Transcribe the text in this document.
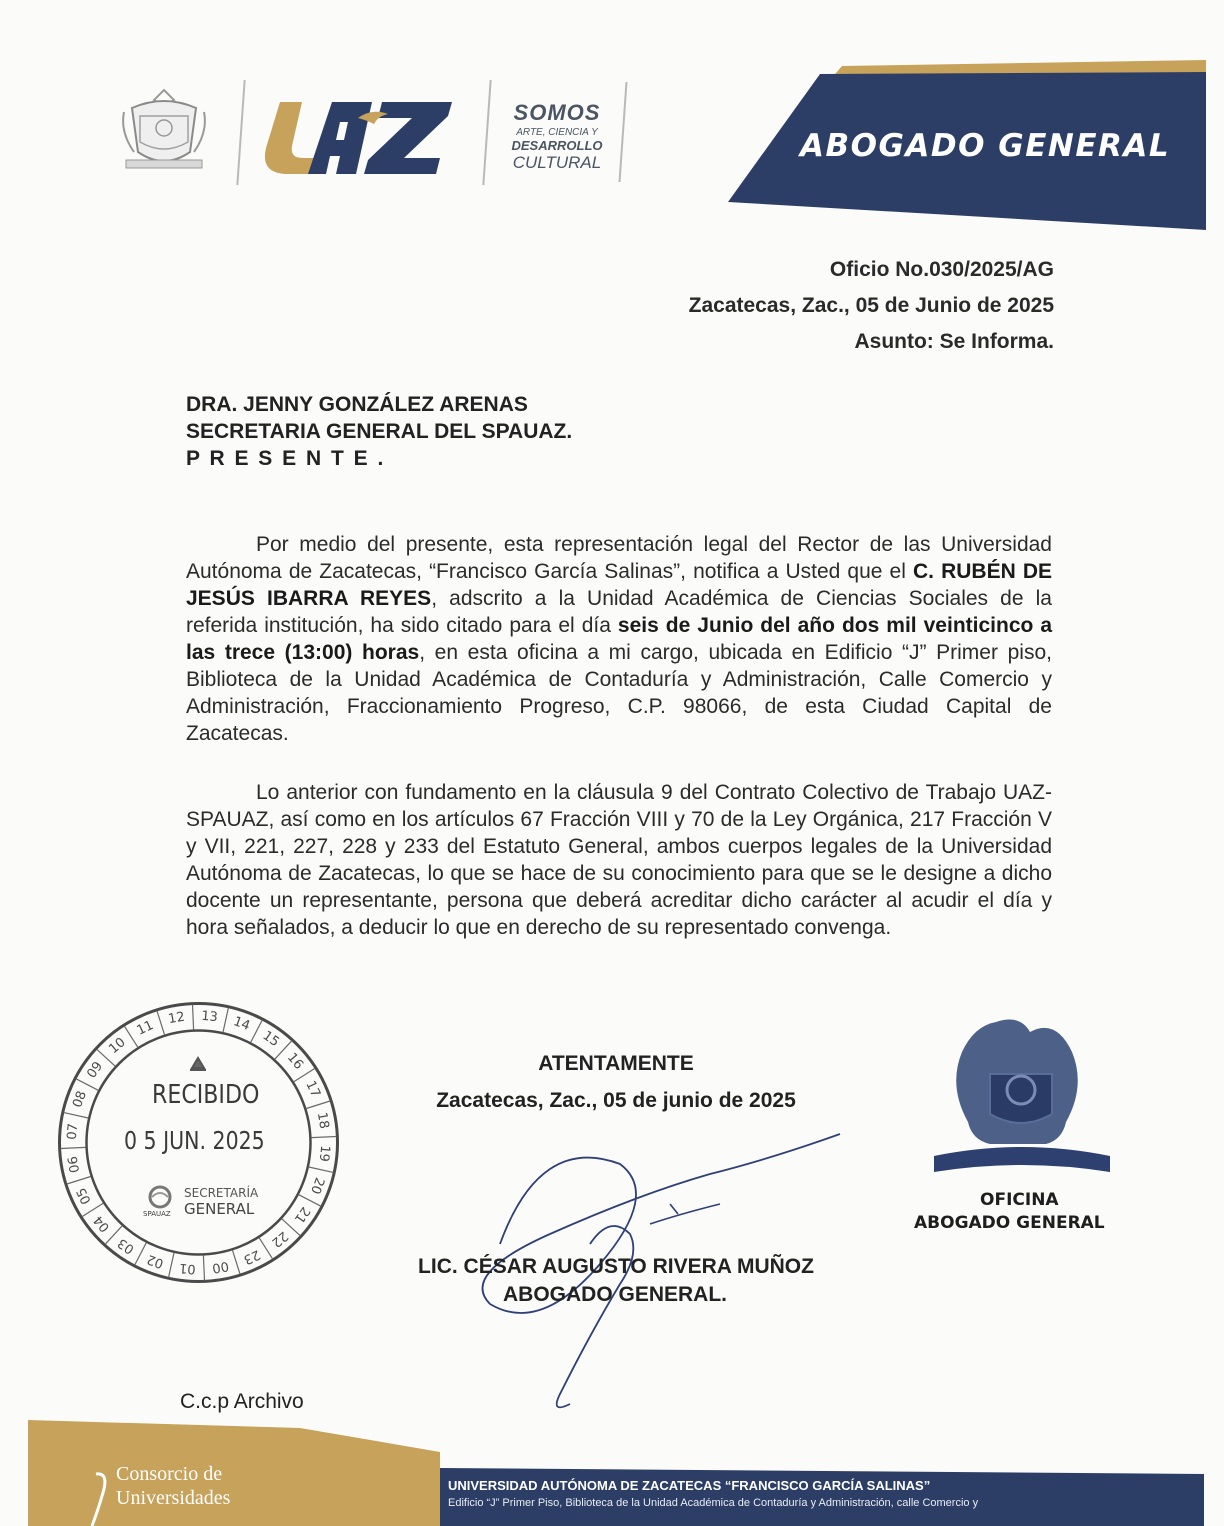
UAZ
SOMOS
ARTE, CIENCIA Y
DESARROLLO
CULTURAL	ABOGADO GENERAL
Oficio No.030/2025/AG
Zacatecas, Zac., 05 de Junio de 2025
Asunto: Se Informa.
DRA. JENNY GONZÁLEZ ARENAS
SECRETARIA GENERAL DEL SPAUAZ.
P R E S E N T E .
Por medio del presente, esta representación legal del Rector de las Universidad Autónoma de Zacatecas, “Francisco García Salinas”, notifica a Usted que el C. RUBÉN DE JESÚS IBARRA REYES, adscrito a la Unidad Académica de Ciencias Sociales de la referida institución, ha sido citado para el día seis de Junio del año dos mil veinticinco a las trece (13:00) horas, en esta oficina a mi cargo, ubicada en Edificio “J” Primer piso, Biblioteca de la Unidad Académica de Contaduría y Administración, Calle Comercio y Administración, Fraccionamiento Progreso, C.P. 98066, de esta Ciudad Capital de Zacatecas.
Lo anterior con fundamento en la cláusula 9 del Contrato Colectivo de Trabajo UAZ-SPAUAZ, así como en los artículos 67 Fracción VIII y 70 de la Ley Orgánica, 217 Fracción V y VII, 221, 227, 228 y 233 del Estatuto General, ambos cuerpos legales de la Universidad Autónoma de Zacatecas, lo que se hace de su conocimiento para que se le designe a dicho docente un representante, persona que deberá acreditar dicho carácter al acudir el día y hora señalados, a deducir lo que en derecho de su representado convenga.
12 13 14
15
16
17
18
19
20
21
22
23
00
01
02
03
04
05
06
07
08
09
10
11
RECIBIDO
0 5 JUN. 2025
SPAUAZ
SECRETARÍA
GENERAL
ATENTAMENTE
Zacatecas, Zac., 05 de junio de 2025
LIC. CÉSAR AUGUSTO RIVERA MUÑOZ
ABOGADO GENERAL.
OFICINA
ABOGADO GENERAL
C.c.p Archivo
Consorcio de
Universidades
UNIVERSIDAD AUTÓNOMA DE ZACATECAS “FRANCISCO GARCÍA SALINAS”
Edificio “J” Primer Piso, Biblioteca de la Unidad Académica de Contaduría y Administración, calle Comercio y
